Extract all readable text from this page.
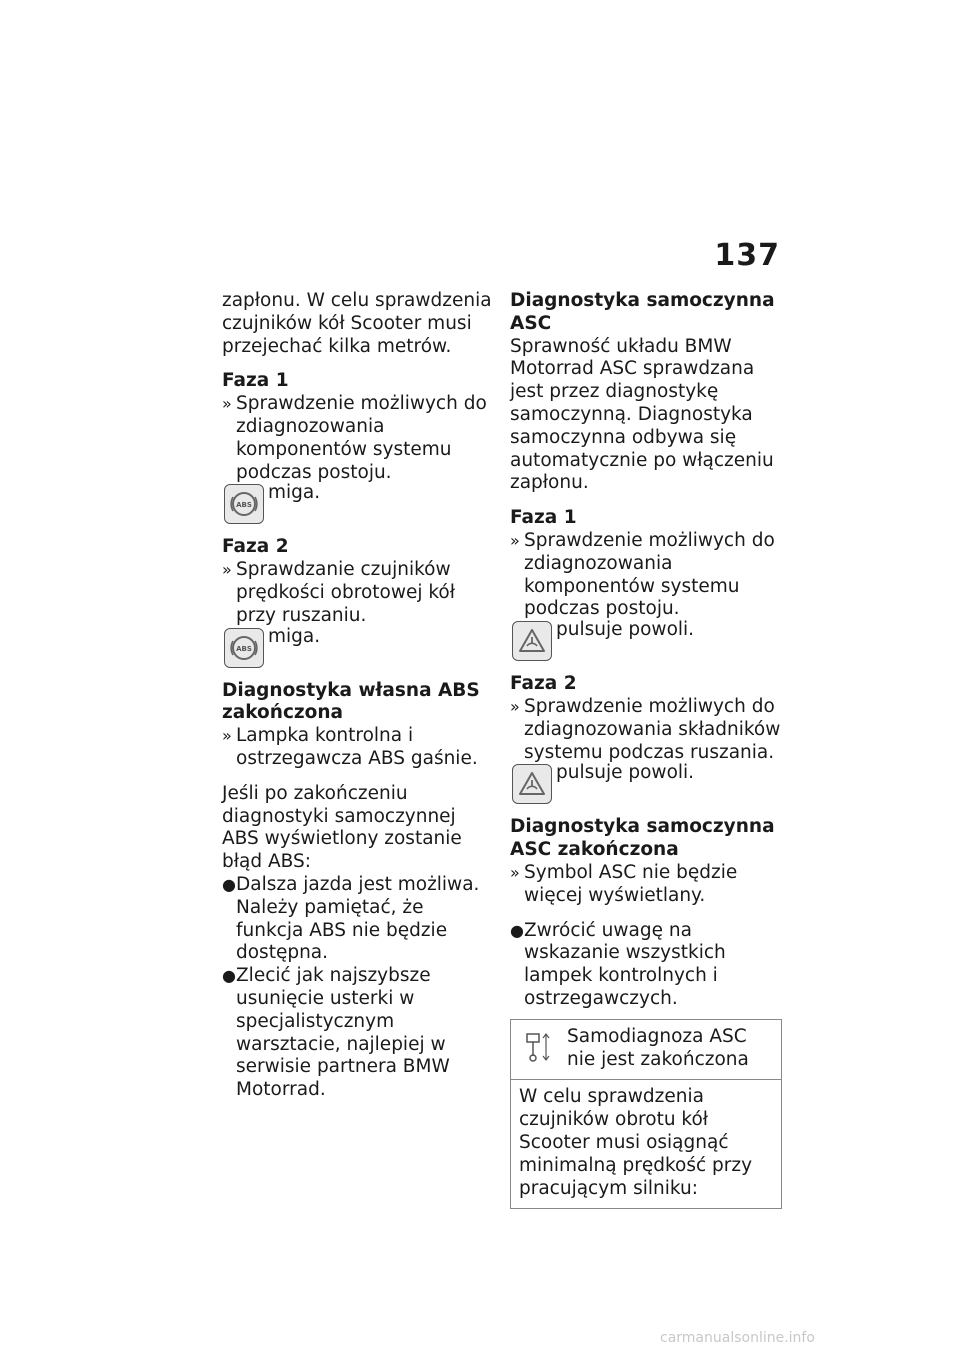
137

zapłonu. W celu sprawdzenia czujników kół Scooter musi przejechać kilka metrów.

Faza 1

» Sprawdzenie możliwych do zdiagnozowania komponentów systemu podczas postoju.
ABS
miga.

Faza 2

» Sprawdzanie czujników prędkości obrotowej kół przy ruszaniu.
ABS
miga.

Diagnostyka własna ABS zakończona

» Lampka kontrolna i ostrzegawcza ABS gaśnie.

Jeśli po zakończeniu diagnostyki samoczynnej ABS wyświetlony zostanie błąd ABS:

● Dalsza jazda jest możliwa. Należy pamiętać, że funkcja ABS nie będzie dostępna.
● Zlecić jak najszybsze usunięcie usterki w specjalistycznym warsztacie, najlepiej w serwisie partnera BMW Motorrad.

Diagnostyka samoczynna ASC

Sprawność układu BMW Motorrad ASC sprawdzana jest przez diagnostykę samoczynną. Diagnostyka samoczynna odbywa się automatycznie po włączeniu zapłonu.

Faza 1

» Sprawdzenie możliwych do zdiagnozowania komponentów systemu podczas postoju.
pulsuje powoli.

Faza 2

» Sprawdzenie możliwych do zdiagnozowania składników systemu podczas ruszania.
pulsuje powoli.

Diagnostyka samoczynna ASC zakończona

» Symbol ASC nie będzie więcej wyświetlany.
● Zwrócić uwagę na wskazanie wszystkich lampek kontrolnych i ostrzegawczych.
Samodiagnoza ASC nie jest zakończona
W celu sprawdzenia czujników obrotu kół Scooter musi osiągnąć minimalną prędkość przy pracującym silniku:
carmanualsonline.info
